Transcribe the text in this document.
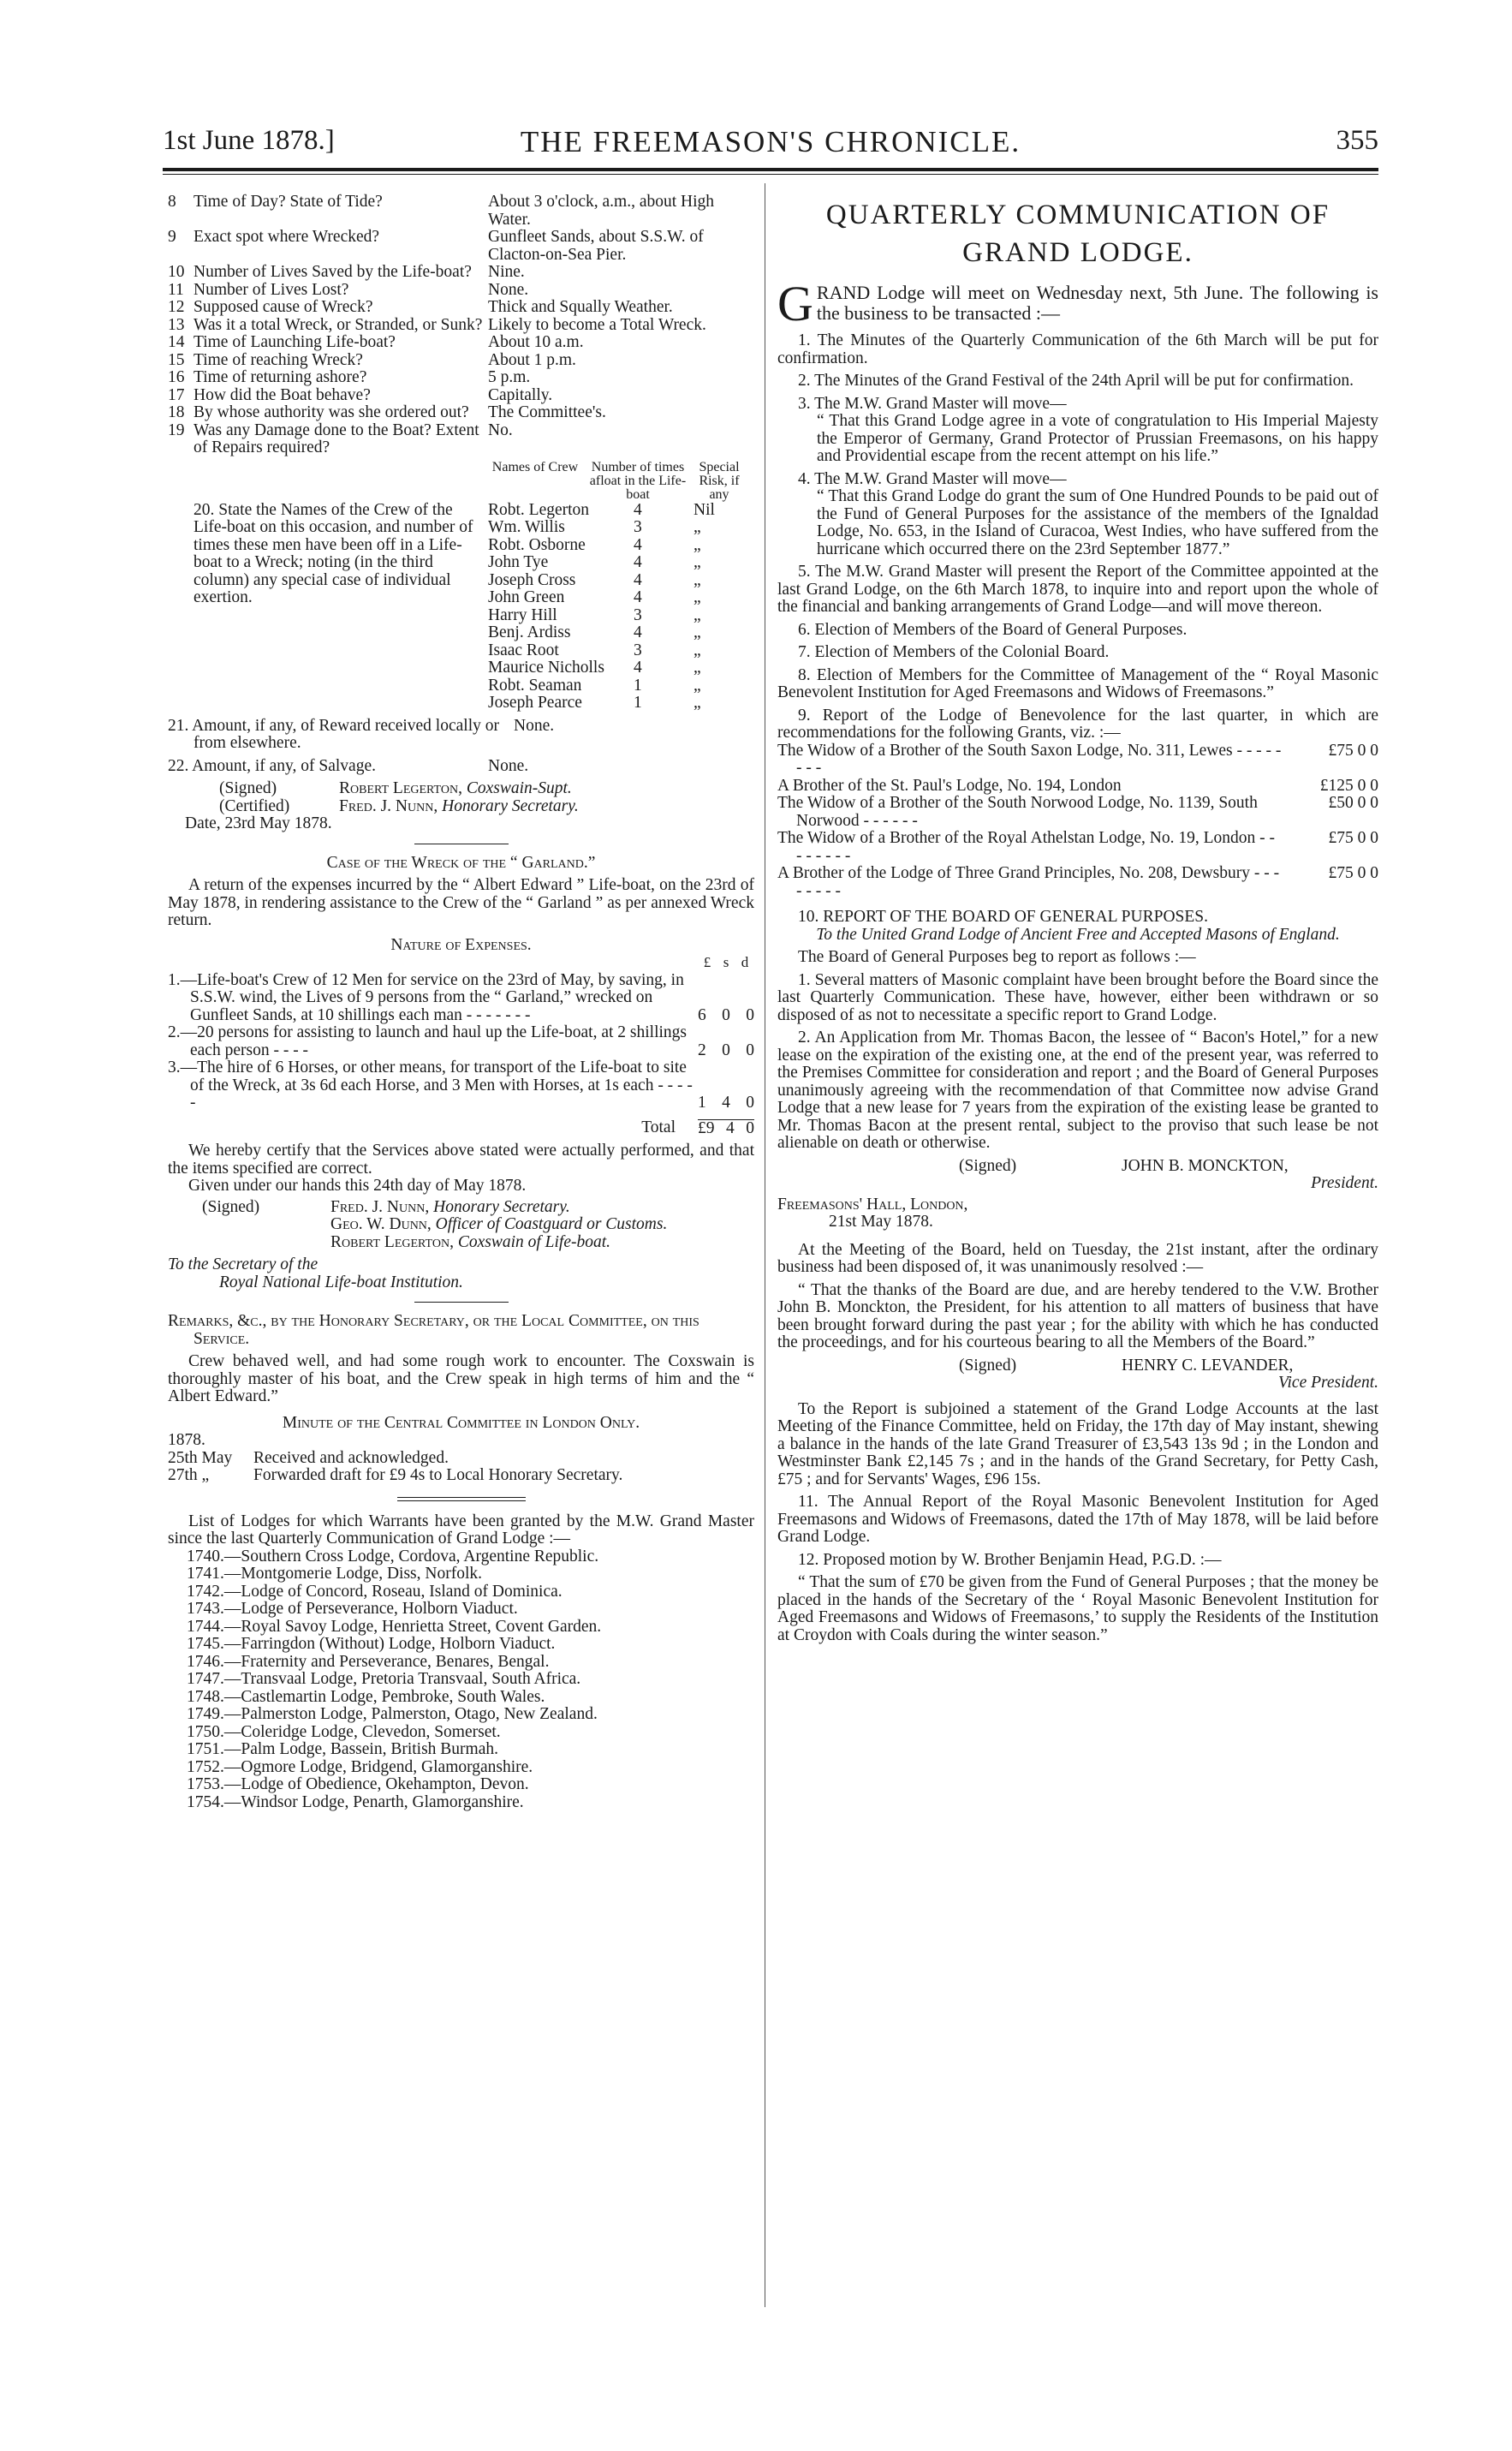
THE FREEMASON'S CHRONICLE.
1st June 1878.]	355
8	Time of Day? State of Tide?	About 3 o'clock, a.m., about High Water.
9	Exact spot where Wrecked?	Gunfleet Sands, about S.S.W. of Clacton-on-Sea Pier.
10 Number of Lives Saved by the Life-boat? Nine.
11 Number of Lives Lost?	None.
12 Supposed cause of Wreck?	Thick and Squally Weather.
13 Was it a total Wreck, or Stranded, or Sunk? Likely to become a Total Wreck.
14 Time of Launching Life-boat?	About 10 a.m.
15 Time of reaching Wreck?	About 1 p.m.
16 Time of returning ashore?	5 p.m.
17 How did the Boat behave?	Capitally.
18 By whose authority was she ordered out?	The Committee's.
19 Was any Damage done to the Boat? Extent of Repairs required?
No.
Names of Crew Number of times afloat in the Life-boat
Special Risk, if any
20. State the Names of the Crew of the Life-boat on this occasion, and number of times these men have been off in a Life-boat to a Wreck; noting (in the third column) any special case of individual exertion.
Robt. Legerton	4	Nil
Wm. Willis	3	„
Robt. Osborne	4	„
John Tye	4	„
Joseph Cross	4	„
John Green	4	„
Harry Hill	3	„
Benj. Ardiss	4	„
Isaac Root	3	„
Maurice Nicholls	4	„
Robt. Seaman	1	„
Joseph Pearce	1	„
21. Amount, if any, of Reward received locally or from elsewhere.
None.
22. Amount, if any, of Salvage.	None.
(Signed)	Robert Legerton,
Coxswain-Supt.
(Certified)	Fred. J. Nunn,
Honorary Secretary.
Date, 23rd May 1878.
Case of the Wreck of the “ Garland.”
A return of the expenses incurred by the “ Albert Edward ” Life-boat, on the 23rd of May 1878, in rendering assistance to the Crew of the “ Garland ” as per annexed Wreck return.
Nature of Expenses.
£ s d
1.—Life-boat's Crew of 12 Men for service on the 23rd of May, by saving, in S.S.W. wind, the Lives of 9 persons from the “ Garland,” wrecked on Gunfleet Sands, at 10 shillings each man - - - - - - -	6 0 0
2.—20 persons for assisting to launch and haul up the Life-boat, at 2 shillings each person - - - -	2 0 0
3.—The hire of 6 Horses, or other means, for transport of the Life-boat to site of the Wreck, at 3s 6d each Horse, and 3 Men with Horses, at 1s each - - - - -	1 4 0
Total	£9 4 0
We hereby certify that the Services above stated were actually performed, and that the items specified are correct.
Given under our hands this 24th day of May 1878.
(Signed)	Fred. J. Nunn, Honorary Secretary.
Geo. W. Dunn, Officer of Coastguard or Customs.
Robert Legerton, Coxswain of Life-boat.
To the Secretary of the
Royal National Life-boat Institution.
Remarks, &c., by the Honorary Secretary, or the Local Committee, on this Service.
Crew behaved well, and had some rough work to encounter. The Coxswain is thoroughly master of his boat, and the Crew speak in high terms of him and the “ Albert Edward.”
Minute of the Central Committee in London Only.
1878.
25th May	Received and acknowledged.
27th „	Forwarded draft for £9 4s to Local Honorary Secretary.
List of Lodges for which Warrants have been granted by the M.W. Grand Master since the last Quarterly Communication of Grand Lodge :—
1740.—Southern Cross Lodge, Cordova, Argentine Republic.
1741.—Montgomerie Lodge, Diss, Norfolk.
1742.—Lodge of Concord, Roseau, Island of Dominica.
1743.—Lodge of Perseverance, Holborn Viaduct.
1744.—Royal Savoy Lodge, Henrietta Street, Covent Garden.
1745.—Farringdon (Without) Lodge, Holborn Viaduct.
1746.—Fraternity and Perseverance, Benares, Bengal.
1747.—Transvaal Lodge, Pretoria Transvaal, South Africa.
1748.—Castlemartin Lodge, Pembroke, South Wales.
1749.—Palmerston Lodge, Palmerston, Otago, New Zealand.
1750.—Coleridge Lodge, Clevedon, Somerset.
1751.—Palm Lodge, Bassein, British Burmah.
1752.—Ogmore Lodge, Bridgend, Glamorganshire.
1753.—Lodge of Obedience, Okehampton, Devon.
1754.—Windsor Lodge, Penarth, Glamorganshire.
QUARTERLY COMMUNICATION OF
GRAND LODGE.
G RAND Lodge will meet on Wednesday next, 5th June. The following is the business to be transacted :—
1. The Minutes of the Quarterly Communication of the 6th March will be put for confirmation.
2. The Minutes of the Grand Festival of the 24th April will be put for confirmation.
3. The M.W. Grand Master will move—
“ That this Grand Lodge agree in a vote of congratulation to His Imperial Majesty the Emperor of Germany, Grand Protector of Prussian Freemasons, on his happy and Providential escape from the recent attempt on his life.”
4. The M.W. Grand Master will move—
“ That this Grand Lodge do grant the sum of One Hundred Pounds to be paid out of the Fund of General Purposes for the assistance of the members of the Ignaldad Lodge, No. 653, in the Island of Curacoa, West Indies, who have suffered from the hurricane which occurred there on the 23rd September 1877.”
5. The M.W. Grand Master will present the Report of the Committee appointed at the last Grand Lodge, on the 6th March 1878, to inquire into and report upon the whole of the financial and banking arrangements of Grand Lodge—and will move thereon.
6. Election of Members of the Board of General Purposes.
7. Election of Members of the Colonial Board.
8. Election of Members for the Committee of Management of the “ Royal Masonic Benevolent Institution for Aged Freemasons and Widows of Freemasons.”
9. Report of the Lodge of Benevolence for the last quarter, in which are recommendations for the following Grants, viz. :—
The Widow of a Brother of the South Saxon Lodge, No. 311, Lewes - - - - - - - -
£75 0 0
A Brother of the St. Paul's Lodge, No. 194, London	£125 0 0
The Widow of a Brother of the South Norwood Lodge, No. 1139, South Norwood - - - - - -
£50 0 0
The Widow of a Brother of the Royal Athelstan Lodge, No. 19, London - - - - - - - -
£75 0 0
A Brother of the Lodge of Three Grand Principles, No. 208, Dewsbury - - - - - - - -
£75 0 0
10. REPORT OF THE BOARD OF GENERAL PURPOSES.
To the United Grand Lodge of Ancient Free and Accepted Masons of England.
The Board of General Purposes beg to report as follows :—
1. Several matters of Masonic complaint have been brought before the Board since the last Quarterly Communication. These have, however, either been withdrawn or so disposed of as not to necessitate a specific report to Grand Lodge.
2. An Application from Mr. Thomas Bacon, the lessee of “ Bacon's Hotel,” for a new lease on the expiration of the existing one, at the end of the present year, was referred to the Premises Committee for consideration and report ; and the Board of General Purposes unanimously agreeing with the recommendation of that Committee now advise Grand Lodge that a new lease for 7 years from the expiration of the existing lease be granted to Mr. Thomas Bacon at the present rental, subject to the proviso that such lease be not alienable on death or otherwise.
(Signed)	JOHN B. MONCKTON,
President.
Freemasons' Hall, London,
21st May 1878.
At the Meeting of the Board, held on Tuesday, the 21st instant, after the ordinary business had been disposed of, it was unanimously resolved :—
“ That the thanks of the Board are due, and are hereby tendered to the V.W. Brother John B. Monckton, the President, for his attention to all matters of business that have been brought forward during the past year ; for the ability with which he has conducted the proceedings, and for his courteous bearing to all the Members of the Board.”
(Signed)	HENRY C. LEVANDER,
Vice President.
To the Report is subjoined a statement of the Grand Lodge Accounts at the last Meeting of the Finance Committee, held on Friday, the 17th day of May instant, shewing a balance in the hands of the late Grand Treasurer of £3,543 13s 9d ; in the London and Westminster Bank £2,145 7s ; and in the hands of the Grand Secretary, for Petty Cash, £75 ; and for Servants' Wages, £96 15s.
11. The Annual Report of the Royal Masonic Benevolent Institution for Aged Freemasons and Widows of Freemasons, dated the 17th of May 1878, will be laid before Grand Lodge.
12. Proposed motion by W. Brother Benjamin Head, P.G.D. :—
“ That the sum of £70 be given from the Fund of General Purposes ; that the money be placed in the hands of the Secretary of the ‘ Royal Masonic Benevolent Institution for Aged Freemasons and Widows of Freemasons,’ to supply the Residents of the Institution at Croydon with Coals during the winter season.”
